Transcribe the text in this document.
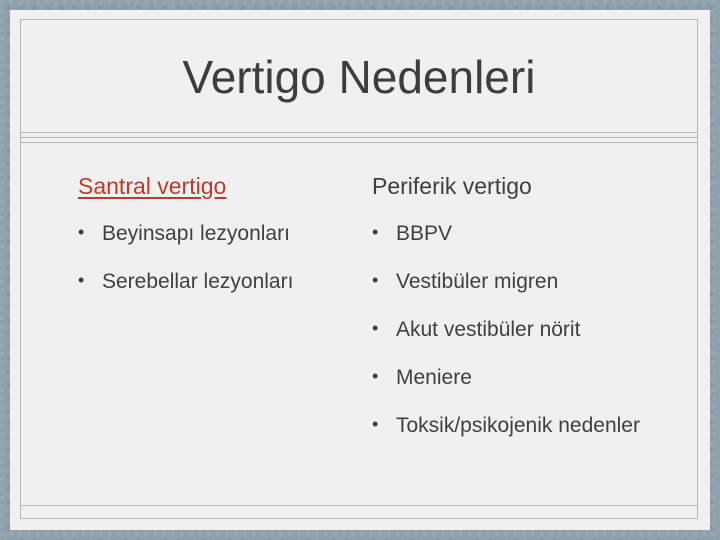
Vertigo Nedenleri
Santral vertigo
• Beyinsapı lezyonları
• Serebellar lezyonları
Periferik vertigo
• BBPV
• Vestibüler migren
• Akut vestibüler nörit
• Meniere
• Toksik/psikojenik nedenler
